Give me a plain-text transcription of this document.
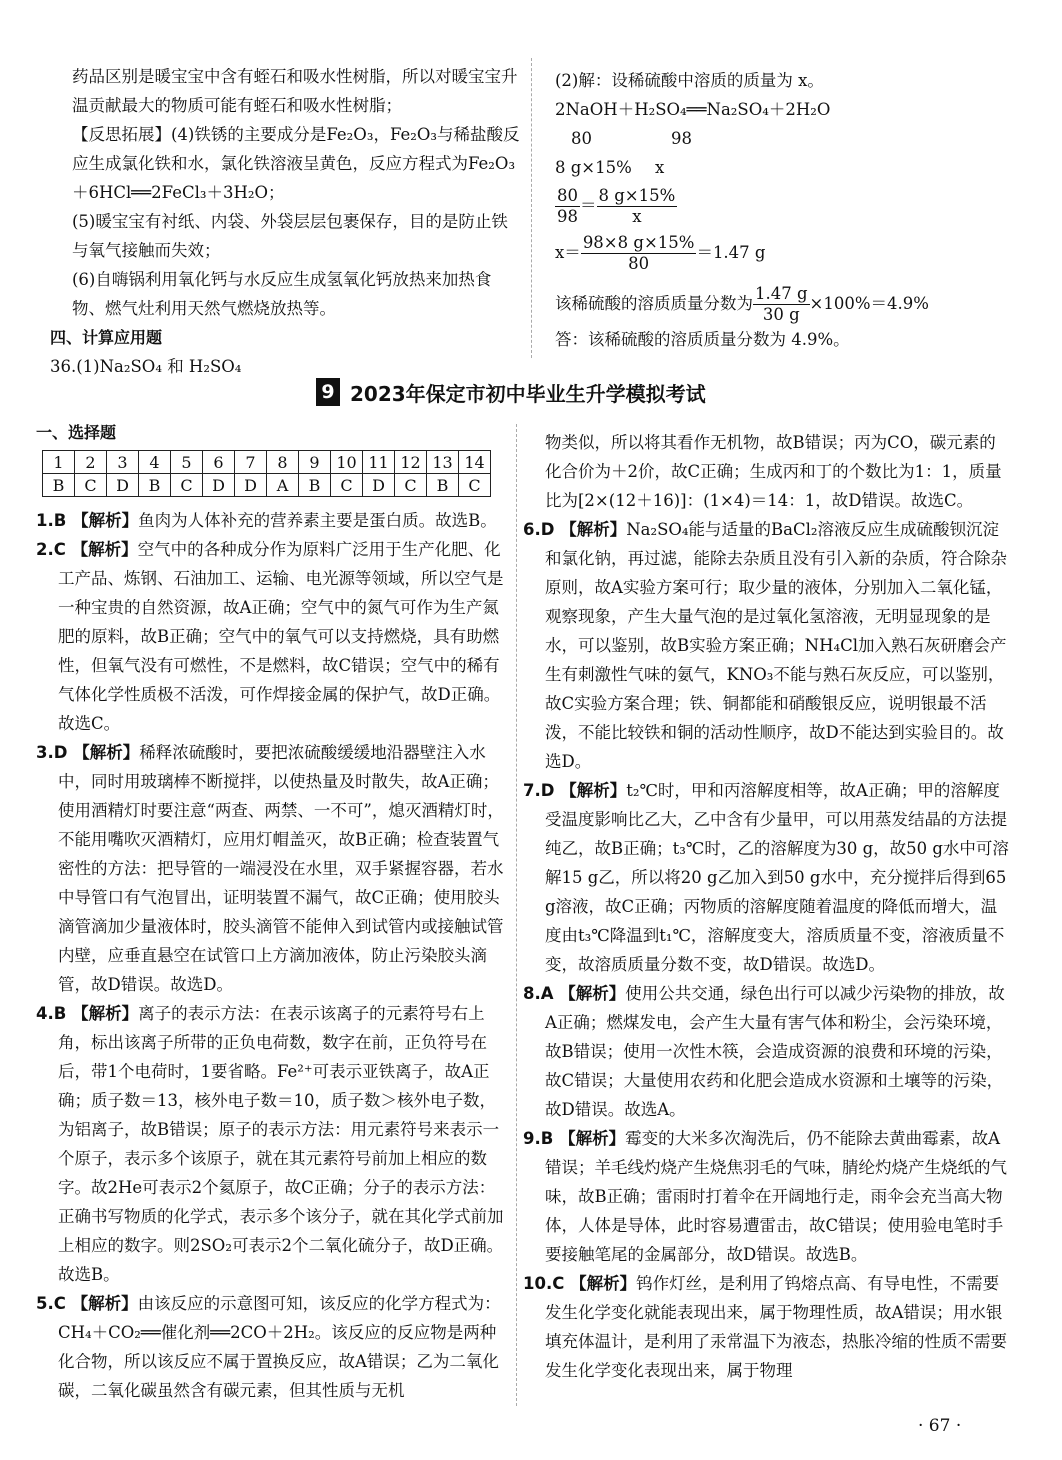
药品区别是暖宝宝中含有蛭石和吸水性树脂，所以对暖宝宝升温贡献最大的物质可能有蛭石和吸水性树脂；

【反思拓展】(4)铁锈的主要成分是Fe₂O₃，Fe₂O₃与稀盐酸反应生成氯化铁和水，氯化铁溶液呈黄色，反应方程式为Fe₂O₃＋6HCl══2FeCl₃＋3H₂O；

(5)暖宝宝有衬纸、内袋、外袋层层包裹保存，目的是防止铁与氧气接触而失效；

(6)自嗨锅利用氧化钙与水反应生成氢氧化钙放热来加热食物、燃气灶利用天然气燃烧放热等。

四、计算应用题

36.(1)Na₂SO₄ 和 H₂SO₄

(2)解：设稀硫酸中溶质的质量为 x。

2NaOH＋H₂SO₄══Na₂SO₄＋2H₂O

80	98

8 g×15% x

$\frac{80}{98} = \frac{8 g\times 15\%}{x}$

$x= \frac{98\times 8 g\times 15\%}{80} =1.47$ g

该稀硫酸的溶质质量分数为 $\frac{1.47 g}{30 g} \times 100\%=4.9\%$

答：该稀硫酸的溶质质量分数为 4.9%。

9 2023年保定市初中毕业生升学模拟考试
一、选择题
1	2	3	4	5	6	7	8	9	10	11	12	13	14
B	C	D	B	C	D	D	A	B	C	D	C	B	C

1.B 【解析】鱼肉为人体补充的营养素主要是蛋白质。故选B。

2.C 【解析】空气中的各种成分作为原料广泛用于生产化肥、化工产品、炼钢、石油加工、运输、电光源等领域，所以空气是一种宝贵的自然资源，故A正确；空气中的氮气可作为生产氮肥的原料，故B正确；空气中的氧气可以支持燃烧，具有助燃性，但氧气没有可燃性，不是燃料，故C错误；空气中的稀有气体化学性质极不活泼，可作焊接金属的保护气，故D正确。故选C。

3.D 【解析】稀释浓硫酸时，要把浓硫酸缓缓地沿器壁注入水中，同时用玻璃棒不断搅拌，以使热量及时散失，故A正确；使用酒精灯时要注意“两查、两禁、一不可”，熄灭酒精灯时，不能用嘴吹灭酒精灯，应用灯帽盖灭，故B正确；检查装置气密性的方法：把导管的一端浸没在水里，双手紧握容器，若水中导管口有气泡冒出，证明装置不漏气，故C正确；使用胶头滴管滴加少量液体时，胶头滴管不能伸入到试管内或接触试管内壁，应垂直悬空在试管口上方滴加液体，防止污染胶头滴管，故D错误。故选D。

4.B 【解析】离子的表示方法：在表示该离子的元素符号右上角，标出该离子所带的正负电荷数，数字在前，正负符号在后，带1个电荷时，1要省略。Fe²⁺可表示亚铁离子，故A正确；质子数＝13，核外电子数＝10，质子数＞核外电子数，为铝离子，故B错误；原子的表示方法：用元素符号来表示一个原子，表示多个该原子，就在其元素符号前加上相应的数字。故2He可表示2个氦原子，故C正确；分子的表示方法：正确书写物质的化学式，表示多个该分子，就在其化学式前加上相应的数字。则2SO₂可表示2个二氧化硫分子，故D正确。故选B。

5.C 【解析】由该反应的示意图可知，该反应的化学方程式为：CH₄＋CO₂══催化剂══2CO＋2H₂。该反应的反应物是两种化合物，所以该反应不属于置换反应，故A错误；乙为二氧化碳，二氧化碳虽然含有碳元素，但其性质与无机

物类似，所以将其看作无机物，故B错误；丙为CO，碳元素的化合价为＋2价，故C正确；生成丙和丁的个数比为1：1，质量比为[2×(12＋16)]：(1×4)＝14：1，故D错误。故选C。

6.D 【解析】Na₂SO₄能与适量的BaCl₂溶液反应生成硫酸钡沉淀和氯化钠，再过滤，能除去杂质且没有引入新的杂质，符合除杂原则，故A实验方案可行；取少量的液体，分别加入二氧化锰，观察现象，产生大量气泡的是过氧化氢溶液，无明显现象的是水，可以鉴别，故B实验方案正确；NH₄Cl加入熟石灰研磨会产生有刺激性气味的氨气，KNO₃不能与熟石灰反应，可以鉴别，故C实验方案合理；铁、铜都能和硝酸银反应，说明银最不活泼，不能比较铁和铜的活动性顺序，故D不能达到实验目的。故选D。

7.D 【解析】t₂℃时，甲和丙溶解度相等，故A正确；甲的溶解度受温度影响比乙大，乙中含有少量甲，可以用蒸发结晶的方法提纯乙，故B正确；t₃℃时，乙的溶解度为30 g，故50 g水中可溶解15 g乙，所以将20 g乙加入到50 g水中，充分搅拌后得到65 g溶液，故C正确；丙物质的溶解度随着温度的降低而增大，温度由t₃℃降温到t₁℃，溶解度变大，溶质质量不变，溶液质量不变，故溶质质量分数不变，故D错误。故选D。

8.A 【解析】使用公共交通，绿色出行可以减少污染物的排放，故A正确；燃煤发电，会产生大量有害气体和粉尘，会污染环境，故B错误；使用一次性木筷，会造成资源的浪费和环境的污染，故C错误；大量使用农药和化肥会造成水资源和土壤等的污染，故D错误。故选A。

9.B 【解析】霉变的大米多次淘洗后，仍不能除去黄曲霉素，故A错误；羊毛线灼烧产生烧焦羽毛的气味，腈纶灼烧产生烧纸的气味，故B正确；雷雨时打着伞在开阔地行走，雨伞会充当高大物体，人体是导体，此时容易遭雷击，故C错误；使用验电笔时手要接触笔尾的金属部分，故D错误。故选B。

10.C 【解析】钨作灯丝，是利用了钨熔点高、有导电性，不需要发生化学变化就能表现出来，属于物理性质，故A错误；用水银填充体温计，是利用了汞常温下为液态，热胀冷缩的性质不需要发生化学变化表现出来，属于物理

· 67 ·
